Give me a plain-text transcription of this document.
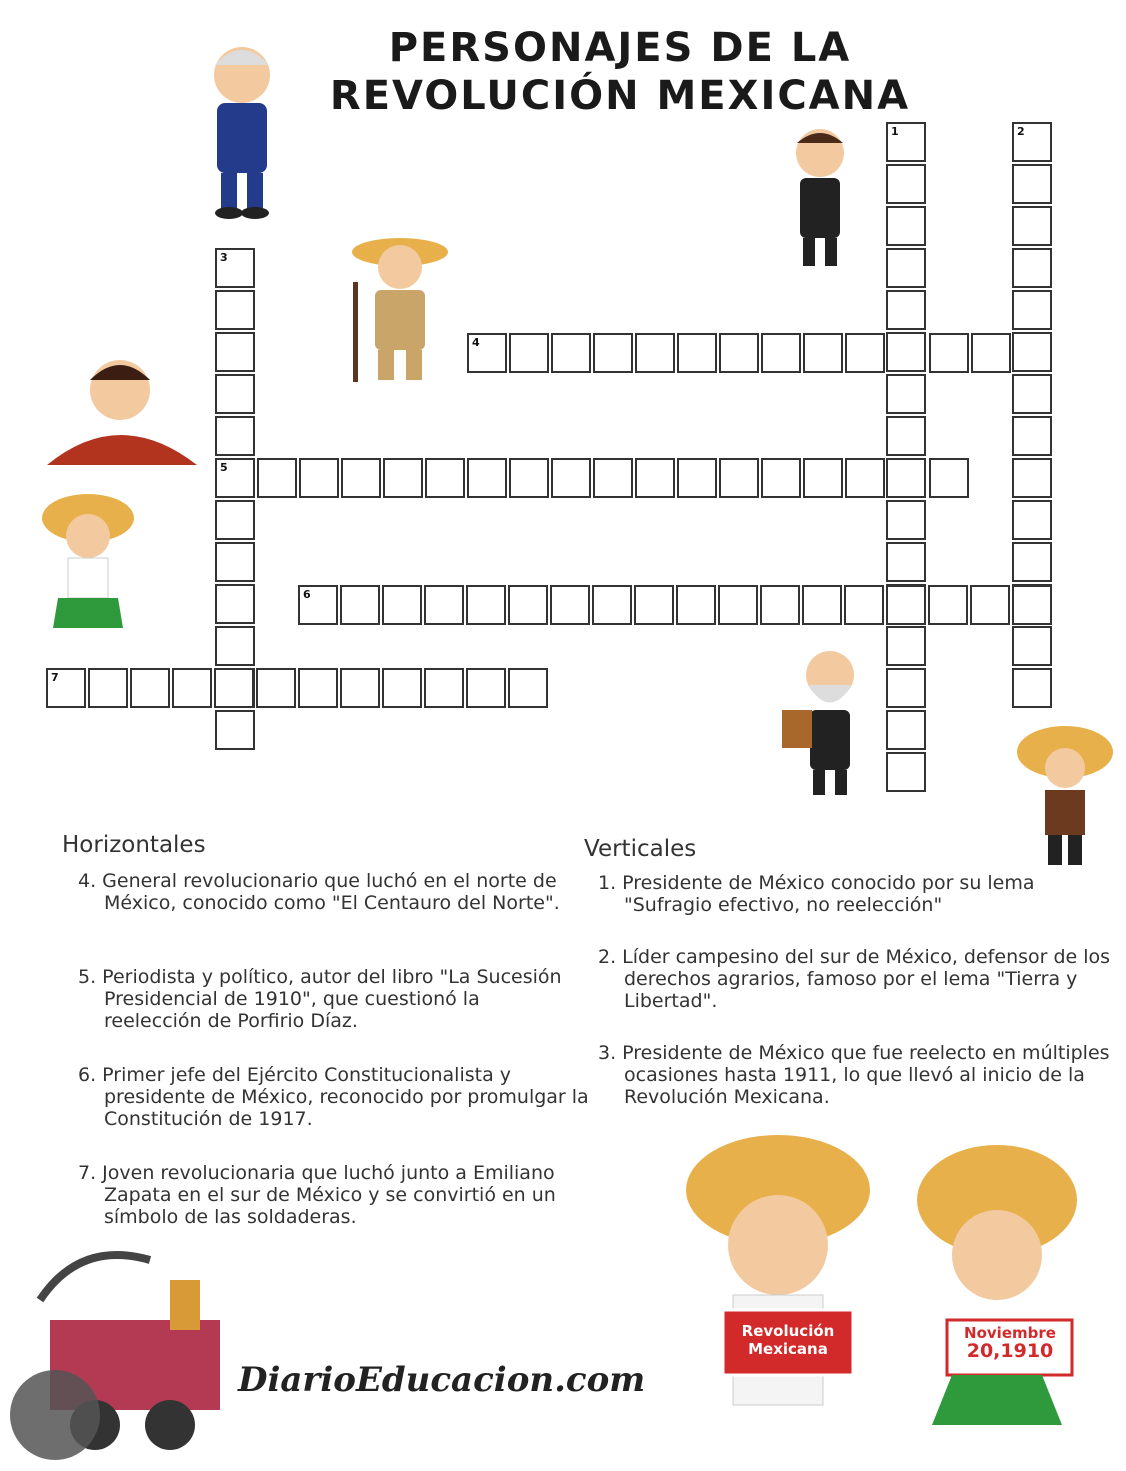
PERSONAJES DE LA
REVOLUCIÓN MEXICANA
1	2
3
5
4
6
7
Revolución
Mexicana
Noviembre
20,1910
Horizontales
4. General revolucionario que luchó en el norte de México, conocido como "El Centauro del Norte".
5. Periodista y político, autor del libro "La Sucesión Presidencial de 1910", que cuestionó la reelección de Porfirio Díaz.
6. Primer jefe del Ejército Constitucionalista y presidente de México, reconocido por promulgar la Constitución de 1917.
7. Joven revolucionaria que luchó junto a Emiliano Zapata en el sur de México y se convirtió en un símbolo de las soldaderas.
Verticales
1. Presidente de México conocido por su lema "Sufragio efectivo, no reelección"
2. Líder campesino del sur de México, defensor de los derechos agrarios, famoso por el lema "Tierra y Libertad".
3. Presidente de México que fue reelecto en múltiples ocasiones hasta 1911, lo que llevó al inicio de la Revolución Mexicana.
DiarioEducacion.com
